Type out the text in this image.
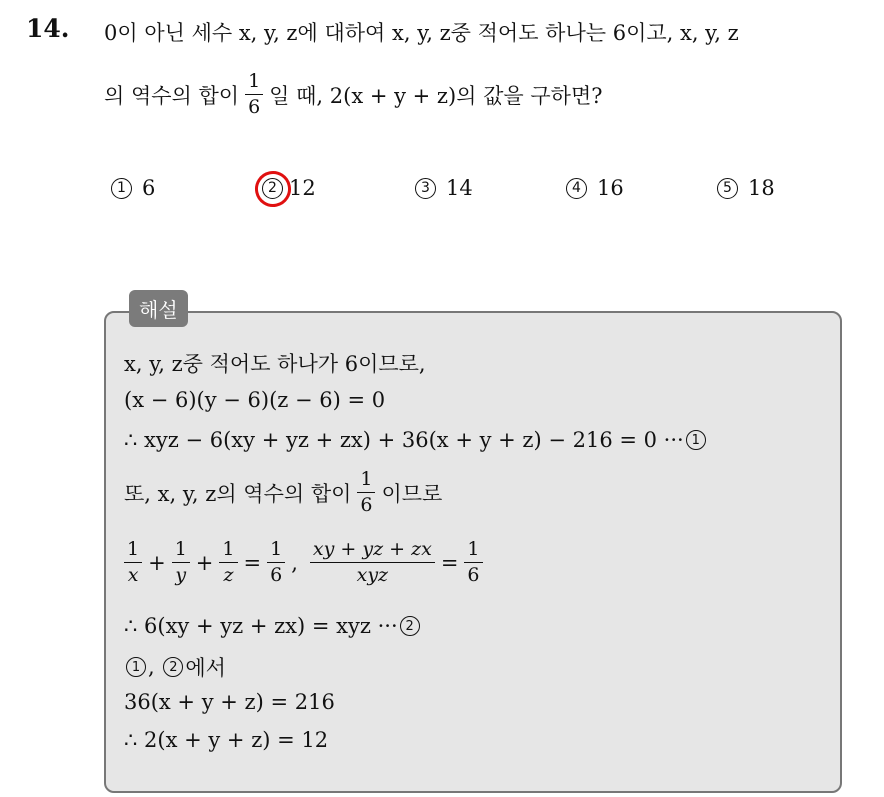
14. 0이 아닌 세수 x, y, z에 대하여 x, y, z중 적어도 하나는 6이고, x, y, z
의 역수의 합이 $\frac{1}{6}$ 일 때, 2(x + y + z)의 값을 구하면?
1 6	2 12	3 14	4 16	5 18
해설
x, y, z중 적어도 하나가 6이므로,
(x − 6)(y − 6)(z − 6) = 0
∴ xyz − 6(xy + yz + zx) + 36(x + y + z) − 216 = 0 ··· 1
또, x, y, z의 역수의 합이 $\frac{1}{6}$ 이므로
$\frac{1}{x} + \frac{1}{y} + \frac{1}{z} = \frac{1}{6}$ , $\frac{xy + yz + zx}{\text{xyz}} = \frac{1}{6}$
∴ 6(xy + yz + zx) = xyz ··· 2
1 , 2 에서
36(x + y + z) = 216
∴ 2(x + y + z) = 12
